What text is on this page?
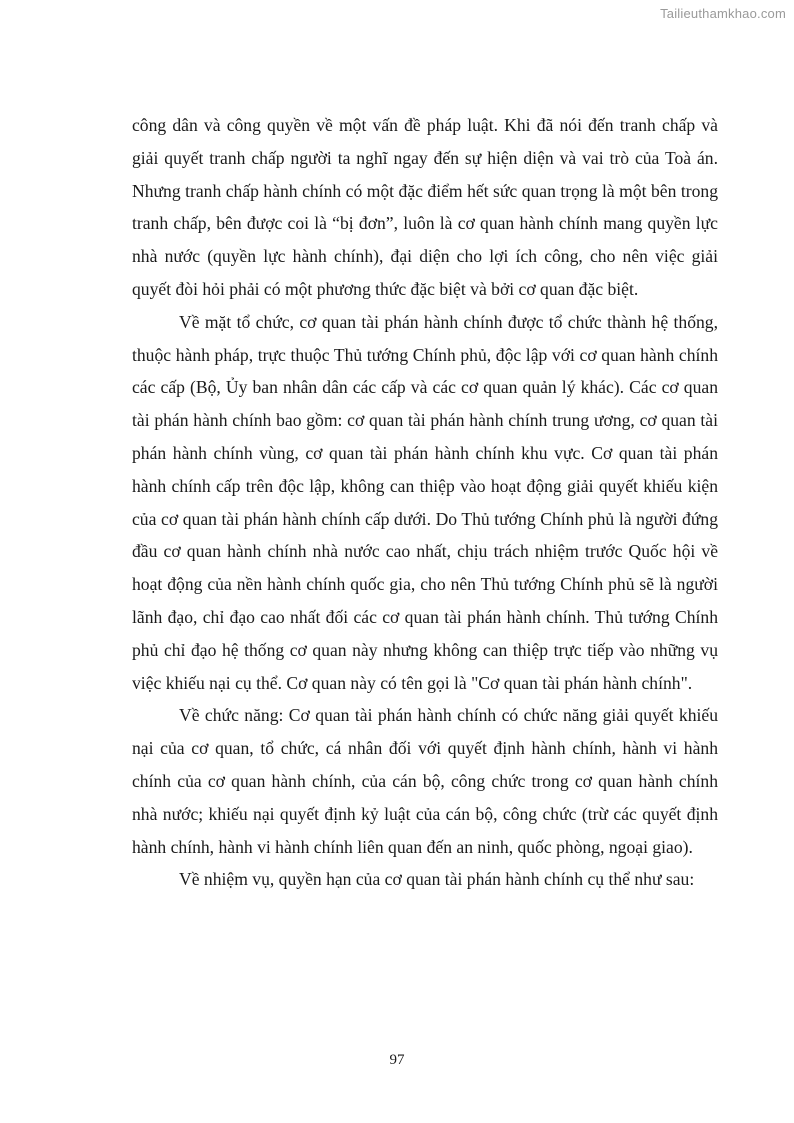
Tailieuthamkhao.com

công dân và công quyền về một vấn đề pháp luật. Khi đã nói đến tranh chấp và giải quyết tranh chấp người ta nghĩ ngay đến sự hiện diện và vai trò của Toà án. Nhưng tranh chấp hành chính có một đặc điểm hết sức quan trọng là một bên trong tranh chấp, bên được coi là “bị đơn”, luôn là cơ quan hành chính mang quyền lực nhà nước (quyền lực hành chính), đại diện cho lợi ích công, cho nên việc giải quyết đòi hỏi phải có một phương thức đặc biệt và bởi cơ quan đặc biệt.

Về mặt tổ chức, cơ quan tài phán hành chính được tổ chức thành hệ thống, thuộc hành pháp, trực thuộc Thủ tướng Chính phủ, độc lập với cơ quan hành chính các cấp (Bộ, Ủy ban nhân dân các cấp và các cơ quan quản lý khác). Các cơ quan tài phán hành chính bao gồm: cơ quan tài phán hành chính trung ương, cơ quan tài phán hành chính vùng, cơ quan tài phán hành chính khu vực. Cơ quan tài phán hành chính cấp trên độc lập, không can thiệp vào hoạt động giải quyết khiếu kiện của cơ quan tài phán hành chính cấp dưới. Do Thủ tướng Chính phủ là người đứng đầu cơ quan hành chính nhà nước cao nhất, chịu trách nhiệm trước Quốc hội về hoạt động của nền hành chính quốc gia, cho nên Thủ tướng Chính phủ sẽ là người lãnh đạo, chỉ đạo cao nhất đối các cơ quan tài phán hành chính. Thủ tướng Chính phủ chỉ đạo hệ thống cơ quan này nhưng không can thiệp trực tiếp vào những vụ việc khiếu nại cụ thể. Cơ quan này có tên gọi là "Cơ quan tài phán hành chính".

Về chức năng: Cơ quan tài phán hành chính có chức năng giải quyết khiếu nại của cơ quan, tổ chức, cá nhân đối với quyết định hành chính, hành vi hành chính của cơ quan hành chính, của cán bộ, công chức trong cơ quan hành chính nhà nước; khiếu nại quyết định kỷ luật của cán bộ, công chức (trừ các quyết định hành chính, hành vi hành chính liên quan đến an ninh, quốc phòng, ngoại giao).

Về nhiệm vụ, quyền hạn của cơ quan tài phán hành chính cụ thể như sau:

97
